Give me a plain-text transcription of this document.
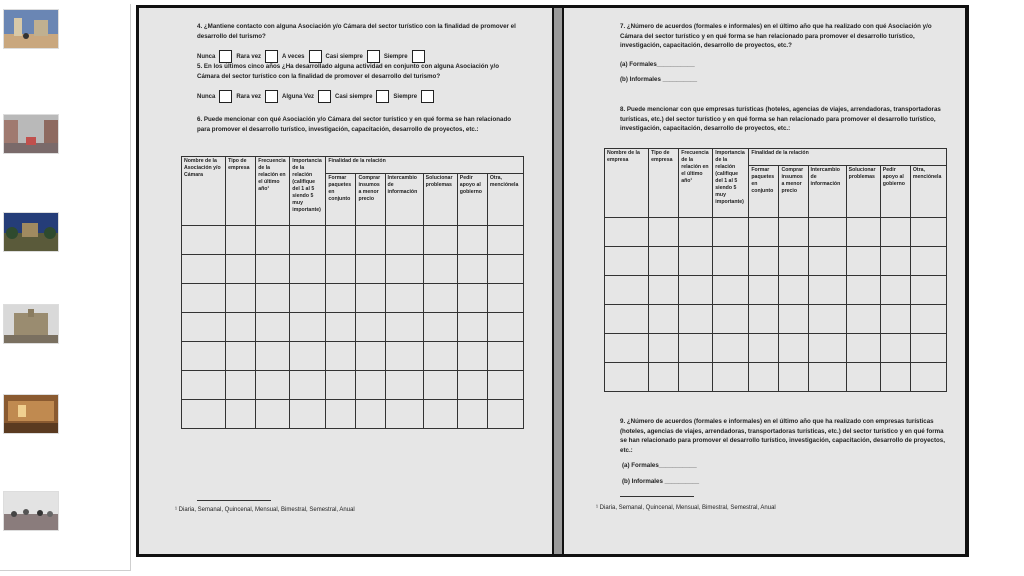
4. ¿Mantiene contacto con alguna Asociación y/o Cámara del sector turístico con la finalidad de promover el desarrollo del turismo?
Nunca	Rara vez	A veces	Casi siempre	Siempre
5. En los últimos cinco años ¿Ha desarrollado alguna actividad en conjunto con alguna Asociación y/o Cámara del sector turístico con la finalidad de promover el desarrollo del turismo?
Nunca	Rara vez	Alguna Vez	Casi siempre	Siempre
6. Puede mencionar con qué Asociación y/o Cámara del sector turístico y en qué forma se han relacionado para promover el desarrollo turístico, investigación, capacitación, desarrollo de proyectos, etc.:
Nombre de la Asociación y/o Cámara	Tipo de empresa	Frecuencia de la relación en el último año¹	Importancia de la relación (califique del 1 al 5 siendo 5 muy importante)	Finalidad de la relación					
				Formar paquetes en conjunto	Comprar insumos a menor precio	Intercambio de información	Solucionar problemas	Pedir apoyo al gobierno	Otra, menciónela

¹ Diaria, Semanal, Quincenal, Mensual, Bimestral, Semestral, Anual
7. ¿Número de acuerdos (formales e informales) en el último año que ha realizado con qué Asociación y/o Cámara del sector turístico y en qué forma se han relacionado para promover el desarrollo turístico, investigación, capacitación, desarrollo de proyectos, etc.?
(a) Formales___________
(b) Informales __________
8. Puede mencionar con que empresas turísticas (hoteles, agencias de viajes, arrendadoras, transportadoras turísticas, etc.) del sector turístico y en qué forma se han relacionado para promover el desarrollo turístico, investigación, capacitación, desarrollo de proyectos, etc.:
Nombre de la empresa	Tipo de empresa	Frecuencia de la relación en el último año¹	Importancia de la relación (califique del 1 al 5 siendo 5 muy importante)	Finalidad de la relación					
				Formar paquetes en conjunto	Comprar insumos a menor precio	Intercambio de información	Solucionar problemas	Pedir apoyo al gobierno	Otra, menciónela

9. ¿Número de acuerdos (formales e informales) en el último año que ha realizado con empresas turísticas (hoteles, agencias de viajes, arrendadoras, transportadoras turísticas, etc.) del sector turístico y en qué forma se han relacionado para promover el desarrollo turístico, investigación, capacitación, desarrollo de proyectos, etc.:
(a) Formales___________
(b) Informales __________
¹ Diaria, Semanal, Quincenal, Mensual, Bimestral, Semestral, Anual
